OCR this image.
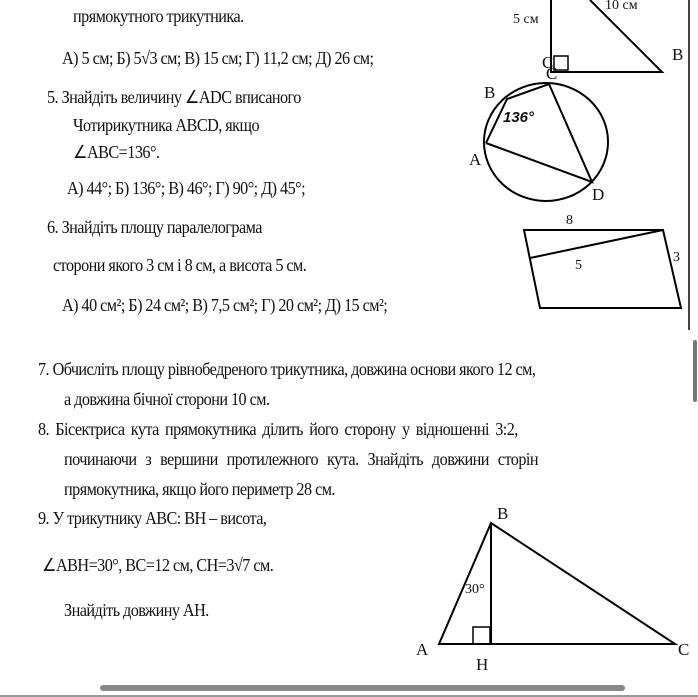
прямокутного трикутника.
А) 5 см; Б) 5√3 см; В) 15 см; Г) 11,2 см; Д) 26 см;
5 см
10 см
C	B
5. Знайдіть величину ∠ADC вписаного
Чотирикутника ABCD, якщо
∠ABC=136°.
А) 44°; Б) 136°; В) 46°; Г) 90°; Д) 45°;
136°
B
C
A
D
6. Знайдіть площу паралелограма
сторони якого 3 см і 8 см, а висота 5 см.
А) 40 см²; Б) 24 см²; В) 7,5 см²; Г) 20 см²; Д) 15 см²;
8
5
3
7. Обчисліть площу рівнобедреного трикутника, довжина основи якого 12 см,
а довжина бічної сторони 10 см.
8. Бісектриса кута прямокутника ділить його сторону у відношенні 3:2,
починаючи з вершини протилежного кута. Знайдіть довжини сторін
прямокутника, якщо його периметр 28 см.
9. У трикутнику ABC: BH – висота,
∠ABH=30°, BC=12 см, CH=3√7 см.
Знайдіть довжину AH.
B
A	C
H
30°
